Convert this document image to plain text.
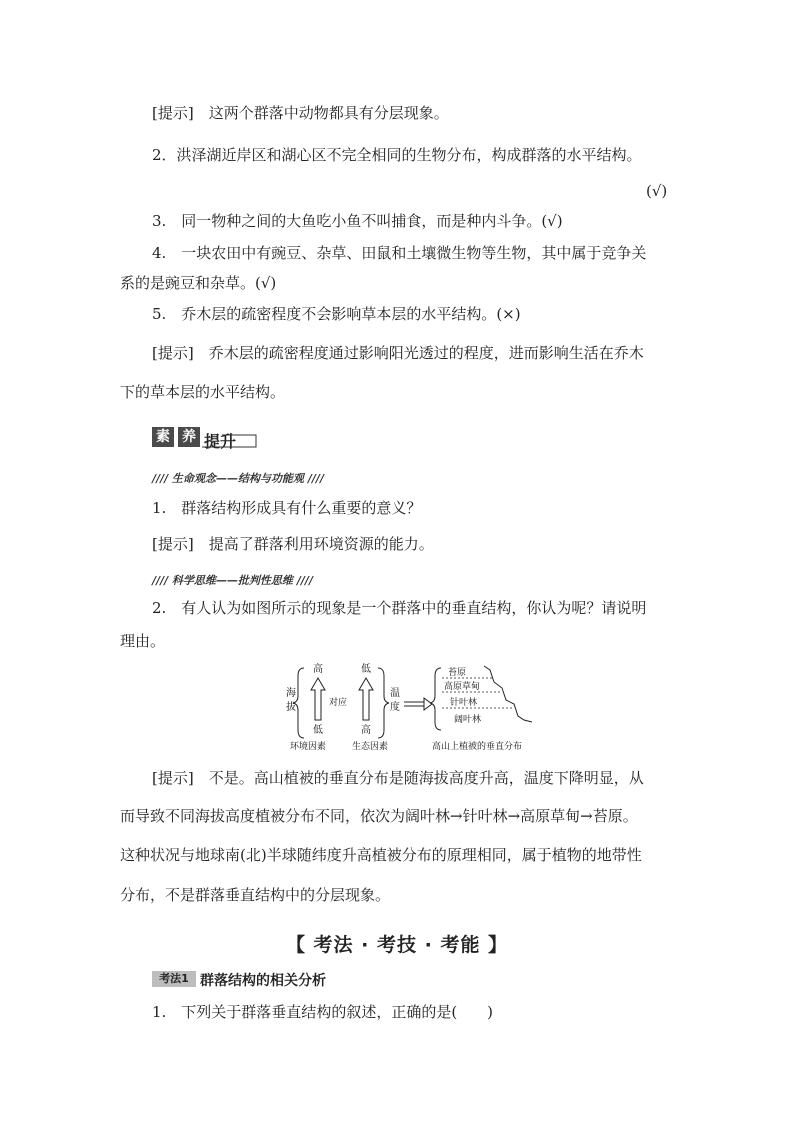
[提示]　这两个群落中动物都具有分层现象。
2．洪泽湖近岸区和湖心区不完全相同的生物分布，构成群落的水平结构。
(√)
3.　同一物种之间的大鱼吃小鱼不叫捕食，而是种内斗争。(√)
4.　一块农田中有豌豆、杂草、田鼠和土壤微生物等生物，其中属于竞争关
系的是豌豆和杂草。(√)
5.　乔木层的疏密程度不会影响草本层的水平结构。(×)
[提示]　乔木层的疏密程度通过影响阳光透过的程度，进而影响生活在乔木
下的草本层的水平结构。
素 养 提升
//// 生命观念——结构与功能观 ////
1.　群落结构形成具有什么重要的意义？
[提示]　提高了群落利用环境资源的能力。
//// 科学思维——批判性思维 ////
2.　有人认为如图所示的现象是一个群落中的垂直结构，你认为呢？请说明
理由。
海
拔
高
低
对应
低
高
温
度
苔原
高原草甸
针叶林
阔叶林
环境因素	生态因素	高山上植被的垂直分布
[提示]　不是。高山植被的垂直分布是随海拔高度升高，温度下降明显，从
而导致不同海拔高度植被分布不同，依次为阔叶林→针叶林→高原草甸→苔原。
这种状况与地球南(北)半球随纬度升高植被分布的原理相同，属于植物的地带性
分布，不是群落垂直结构中的分层现象。
【 考法 · 考技 · 考能 】
考法1 群落结构的相关分析
1.　下列关于群落垂直结构的叙述，正确的是(　　)
